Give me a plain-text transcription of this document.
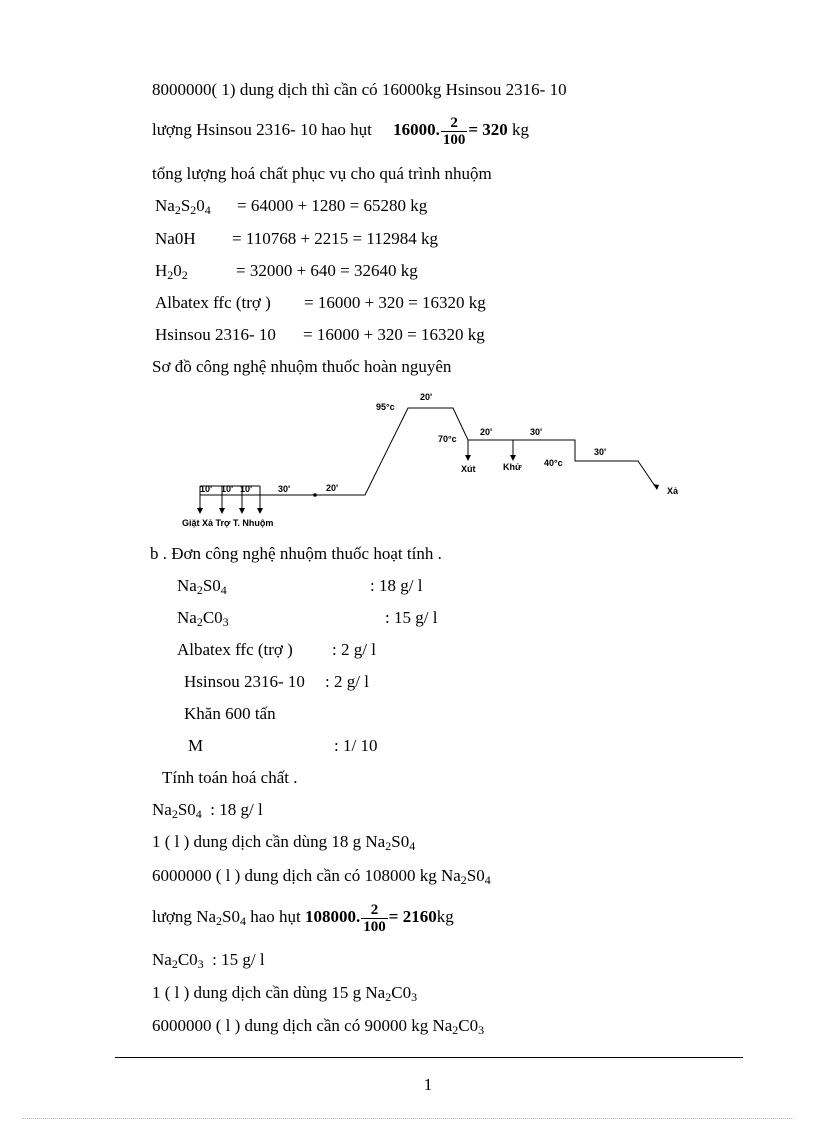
8000000( 1) dung dịch thì cần có 16000kg Hsinsou 2316- 10
lượng Hsinsou 2316- 10 hao hụt 16000. $\frac{2}{100} = 320$ kg
tổng lượng hoá chất phục vụ cho quá trình nhuộm
$Na_2S_20_4 = 64000 + 1280 = 65280$ kg
Na0H = 110768 + 2215 = 112984 kg
$H_20_2$	= 32000 + 640 = 32640 kg
Albatex ffc (trợ ) = 16000 + 320 = 16320 kg
Hsinsou 2316- 10 = 16000 + 320 = 16320 kg
Sơ đồ công nghệ nhuộm thuốc hoàn nguyên
95°c
20'
70°c
20'	30'
40°c
30'
Xút	Khử
Xả
20'
30'
10' 10' 10'
Giặt Xả Trợ T. Nhuộm
b . Đơn công nghệ nhuộm thuốc hoạt tính .
$Na_2S0_4$	: 18 g/ l
$Na_2C0_3$	: 15 g/ l
Albatex ffc (trợ ) : 2 g/ l
Hsinsou 2316- 10 : 2 g/ l
Khăn 600 tấn
M	: 1/ 10
Tính toán hoá chất .
$Na_2S0_4$ : 18 g/ l
1 ( l ) dung dịch cần dùng 18 g $Na_2S0_4$
6000000 ( l ) dung dịch cần có 108000 kg $Na_2S0_4$
lượng $Na_2S0_4$ hao hụt 108000. $\frac{2}{100} = 2160kg$
$Na_2C0_3$ : 15 g/ l
1 ( l ) dung dịch cần dùng 15 g $Na_2C0_3$
6000000 ( l ) dung dịch cần có 90000 kg $Na_2C0_3$
1
